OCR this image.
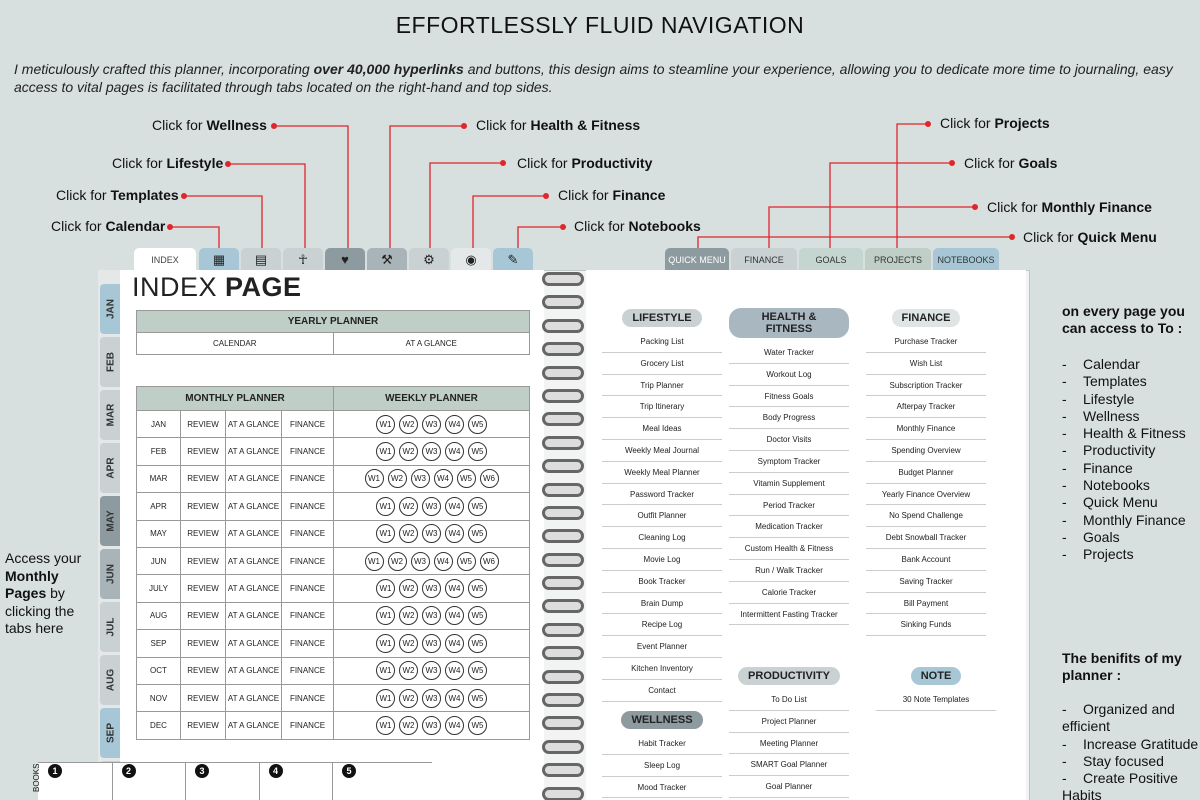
EFFORTLESSLY FLUID NAVIGATION
I meticulously crafted this planner, incorporating over 40,000 hyperlinks and buttons, this design aims to steamline your experience, allowing you to dedicate more time to journaling, easy access to vital pages is facilitated through tabs located on the right-hand and top sides.
Click for Wellness
Click for Lifestyle
Click for Templates
Click for Calendar
Click for Health & Fitness
Click for Productivity
Click for Finance
Click for Notebooks
Click for Projects
Click for Goals
Click for Monthly Finance
Click for Quick Menu
Access your
Monthly
Pages by
clicking the
tabs here
INDEX	▦	▤	☥	♥	⚒	⚙	◉	✎	QUICK MENU	FINANCE	GOALS	PROJECTS	NOTEBOOKS
JAN
FEB
MAR
APR
MAY
JUN
JUL
AUG
SEP
INDEX PAGE
YEARLY PLANNER
CALENDAR	AT A GLANCE
MONTHLY PLANNER				WEEKLY PLANNER
JAN	REVIEW	AT A GLANCE	FINANCE	W1 W2 W3 W4 W5
FEB	REVIEW	AT A GLANCE	FINANCE	W1 W2 W3 W4 W5
MAR	REVIEW	AT A GLANCE	FINANCE	W1 W2 W3 W4 W5 W6
APR	REVIEW	AT A GLANCE	FINANCE	W1 W2 W3 W4 W5
MAY	REVIEW	AT A GLANCE	FINANCE	W1 W2 W3 W4 W5
JUN	REVIEW	AT A GLANCE	FINANCE	W1 W2 W3 W4 W5 W6
JULY	REVIEW	AT A GLANCE	FINANCE	W1 W2 W3 W4 W5
AUG	REVIEW	AT A GLANCE	FINANCE	W1 W2 W3 W4 W5
SEP	REVIEW	AT A GLANCE	FINANCE	W1 W2 W3 W4 W5
OCT	REVIEW	AT A GLANCE	FINANCE	W1 W2 W3 W4 W5
NOV	REVIEW	AT A GLANCE	FINANCE	W1 W2 W3 W4 W5
DEC	REVIEW	AT A GLANCE	FINANCE	W1 W2 W3 W4 W5
LIFESTYLE
Packing List
Grocery List
Trip Planner
Trip Itinerary
Meal Ideas
Weekly Meal Journal
Weekly Meal Planner
Password Tracker
Outfit Planner
Cleaning Log
Movie Log
Book Tracker
Brain Dump
Recipe Log
Event Planner
Kitchen Inventory
Contact
HEALTH & FITNESS
Water Tracker
Workout Log
Fitness Goals
Body Progress
Doctor Visits
Symptom Tracker
Vitamin Supplement
Period Tracker
Medication Tracker
Custom Health & Fitness
Run / Walk Tracker
Calorie Tracker
Intermittent Fasting Tracker
FINANCE
Purchase Tracker
Wish List
Subscription Tracker
Afterpay Tracker
Monthly Finance
Spending Overview
Budget Planner
Yearly Finance Overview
No Spend Challenge
Debt Snowball Tracker
Bank Account
Saving Tracker
Bill Payment
Sinking Funds
WELLNESS
Habit Tracker
Sleep Log
Mood Tracker
PRODUCTIVITY
To Do List
Project Planner
Meeting Planner
SMART Goal Planner
Goal Planner
NOTE
30 Note Templates
BOOKS	1	2	3	4	5
on every page you can access to To :
- Calendar
- Templates
- Lifestyle
- Wellness
- Health & Fitness
- Productivity
- Finance
- Notebooks
- Quick Menu
- Monthly Finance
- Goals
- Projects
The benifits of my planner :
- Organized and efficient
- Increase Gratitude
- Stay focused
- Create Positive Habits
